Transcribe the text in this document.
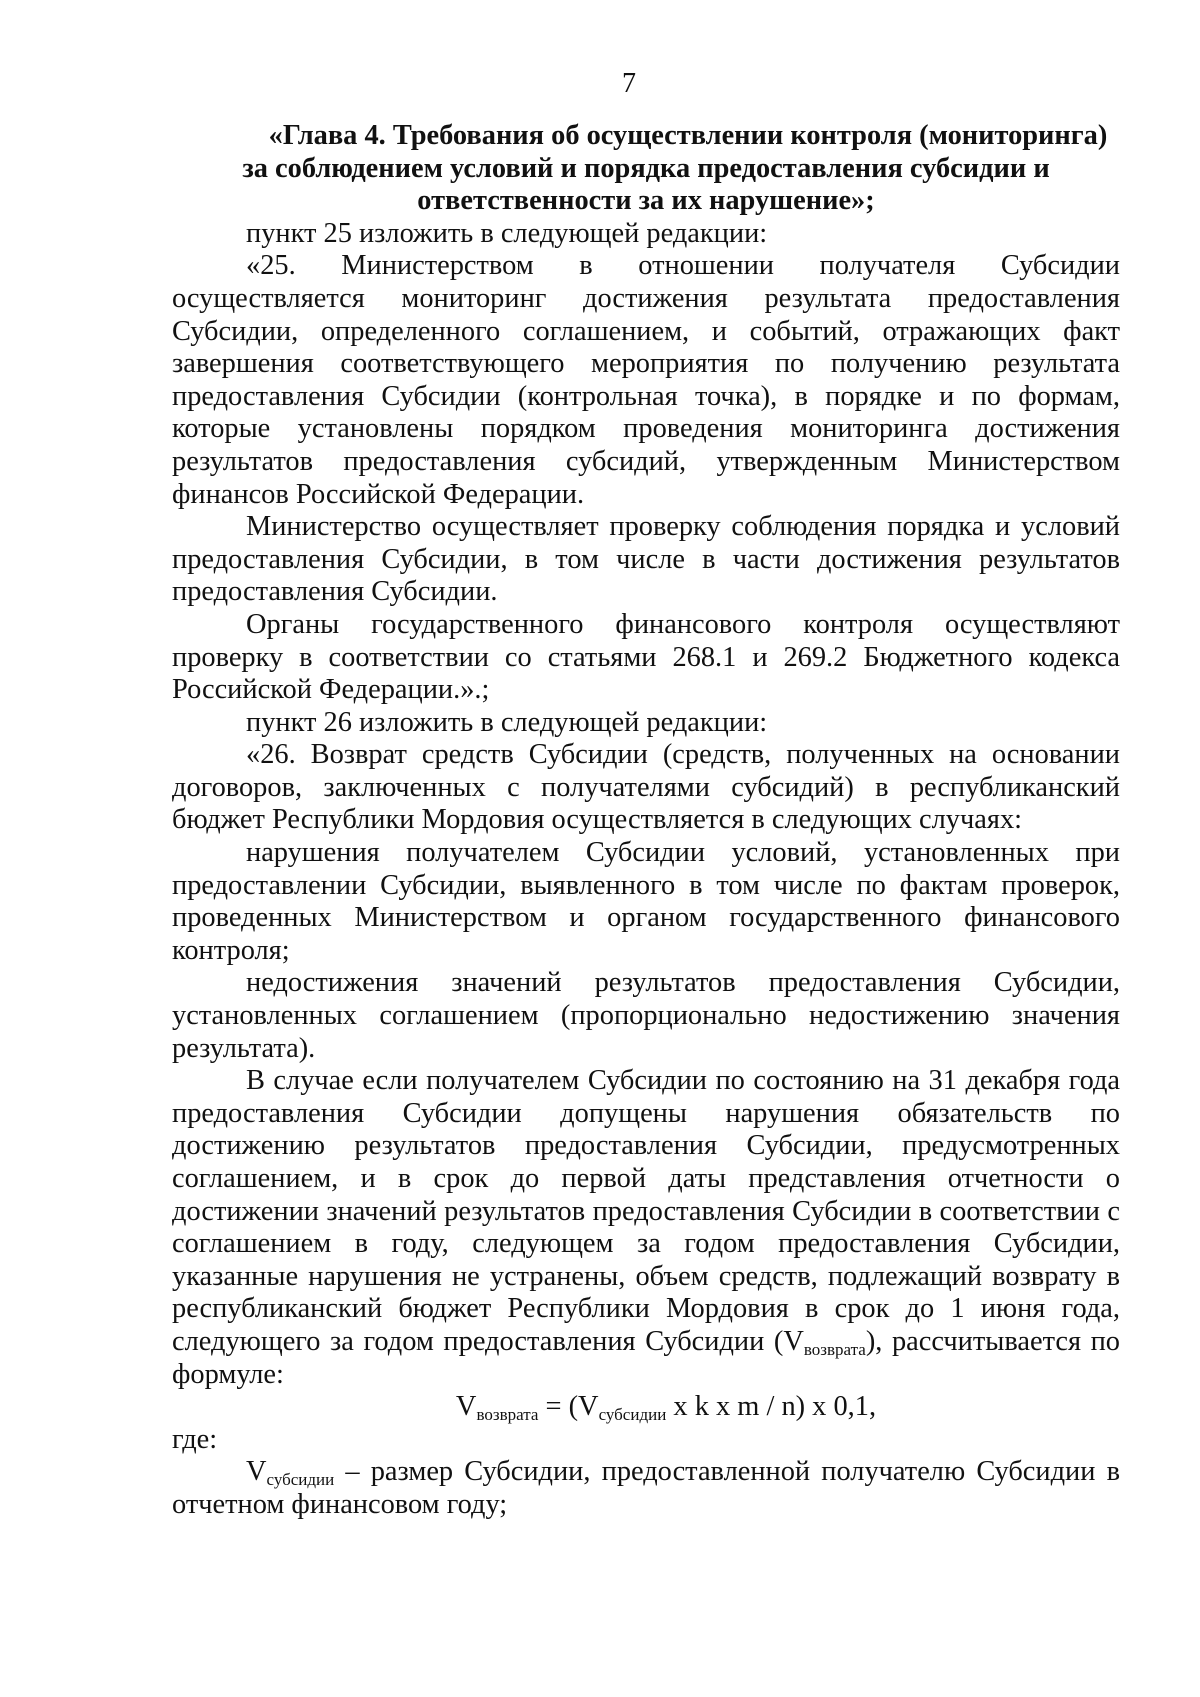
7
«Глава 4. Требования об осуществлении контроля (мониторинга)
за соблюдением условий и порядка предоставления субсидии и
ответственности за их нарушение»;

пункт 25 изложить в следующей редакции:

«25. Министерством в отношении получателя Субсидии осуществляется мониторинг достижения результата предоставления Субсидии, определенного соглашением, и событий, отражающих факт завершения соответствующего мероприятия по получению результата предоставления Субсидии (контрольная точка), в порядке и по формам, которые установлены порядком проведения мониторинга достижения результатов предоставления субсидий, утвержденным Министерством финансов Российской Федерации.

Министерство осуществляет проверку соблюдения порядка и условий предоставления Субсидии, в том числе в части достижения результатов предоставления Субсидии.

Органы государственного финансового контроля осуществляют проверку в соответствии со статьями 268.1 и 269.2 Бюджетного кодекса Российской Федерации.».;

пункт 26 изложить в следующей редакции:

«26. Возврат средств Субсидии (средств, полученных на основании договоров, заключенных с получателями субсидий) в республиканский бюджет Республики Мордовия осуществляется в следующих случаях:

нарушения получателем Субсидии условий, установленных при предоставлении Субсидии, выявленного в том числе по фактам проверок, проведенных Министерством и органом государственного финансового контроля;

недостижения значений результатов предоставления Субсидии, установленных соглашением (пропорционально недостижению значения результата).

В случае если получателем Субсидии по состоянию на 31 декабря года предоставления Субсидии допущены нарушения обязательств по достижению результатов предоставления Субсидии, предусмотренных соглашением, и в срок до первой даты представления отчетности о достижении значений результатов предоставления Субсидии в соответствии с соглашением в году, следующем за годом предоставления Субсидии, указанные нарушения не устранены, объем средств, подлежащий возврату в республиканский бюджет Республики Мордовия в срок до 1 июня года, следующего за годом предоставления Субсидии $(V_{возврата})$, рассчитывается по формуле:

$V_{возврата} = (V_{субсидии}$ x k x m / n) x 0,1,

где:

$V_{субсидии}$ – размер Субсидии, предоставленной получателю Субсидии в отчетном финансовом году;
